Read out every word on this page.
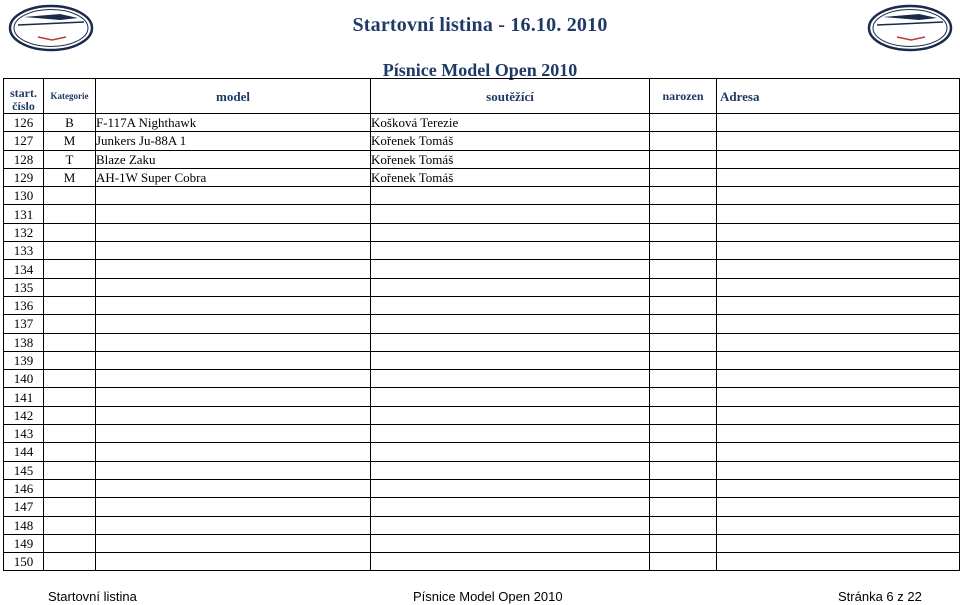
Startovní listina - 16.10. 2010
Písnice Model Open 2010
start.
číslo	Kategorie	model	soutěžící	narozen	Adresa
126	B	F-117A Nighthawk	Košková Terezie		
127	M	Junkers Ju-88A 1	Kořenek Tomáš		
128	T	Blaze Zaku	Kořenek Tomáš		
129	M	AH-1W Super Cobra	Kořenek Tomáš		
130					
131					
132					
133					
134					
135					
136					
137					
138					
139					
140					
141					
142					
143					
144					
145					
146					
147					
148					
149					
150					
Startovní listina	Písnice Model Open 2010	Stránka 6 z 22
